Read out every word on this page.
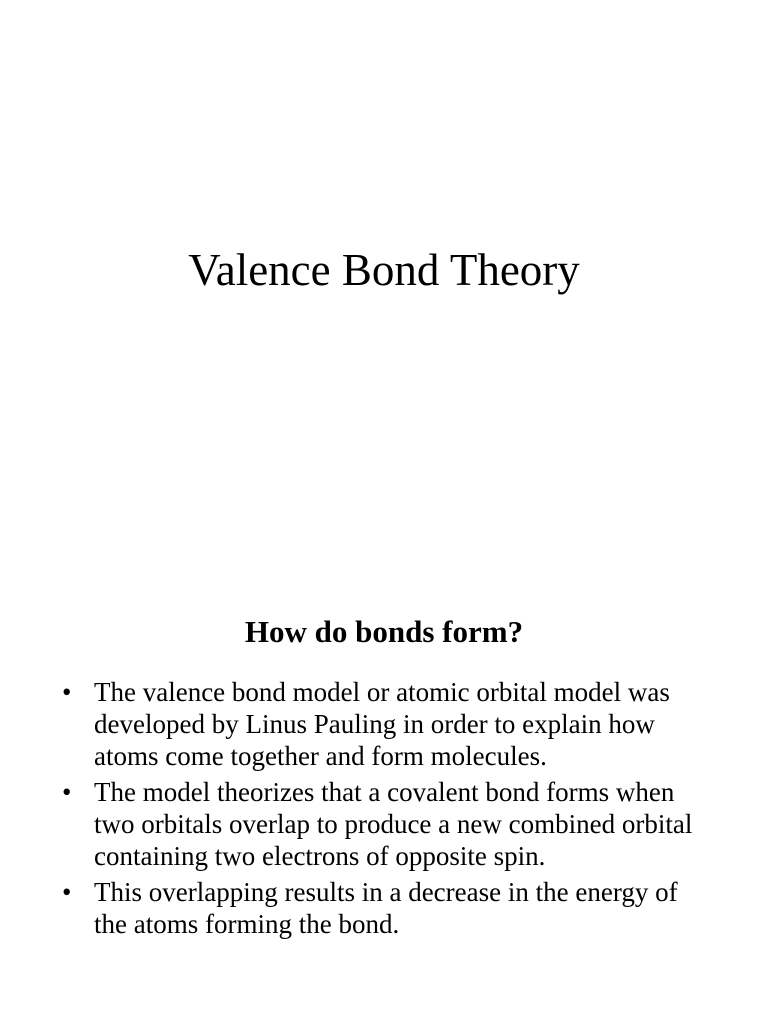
Valence Bond Theory
How do bonds form?
• The valence bond model or atomic orbital model was developed by Linus Pauling in order to explain how atoms come together and form molecules.
• The model theorizes that a covalent bond forms when two orbitals overlap to produce a new combined orbital containing two electrons of opposite spin.
• This overlapping results in a decrease in the energy of the atoms forming the bond.
